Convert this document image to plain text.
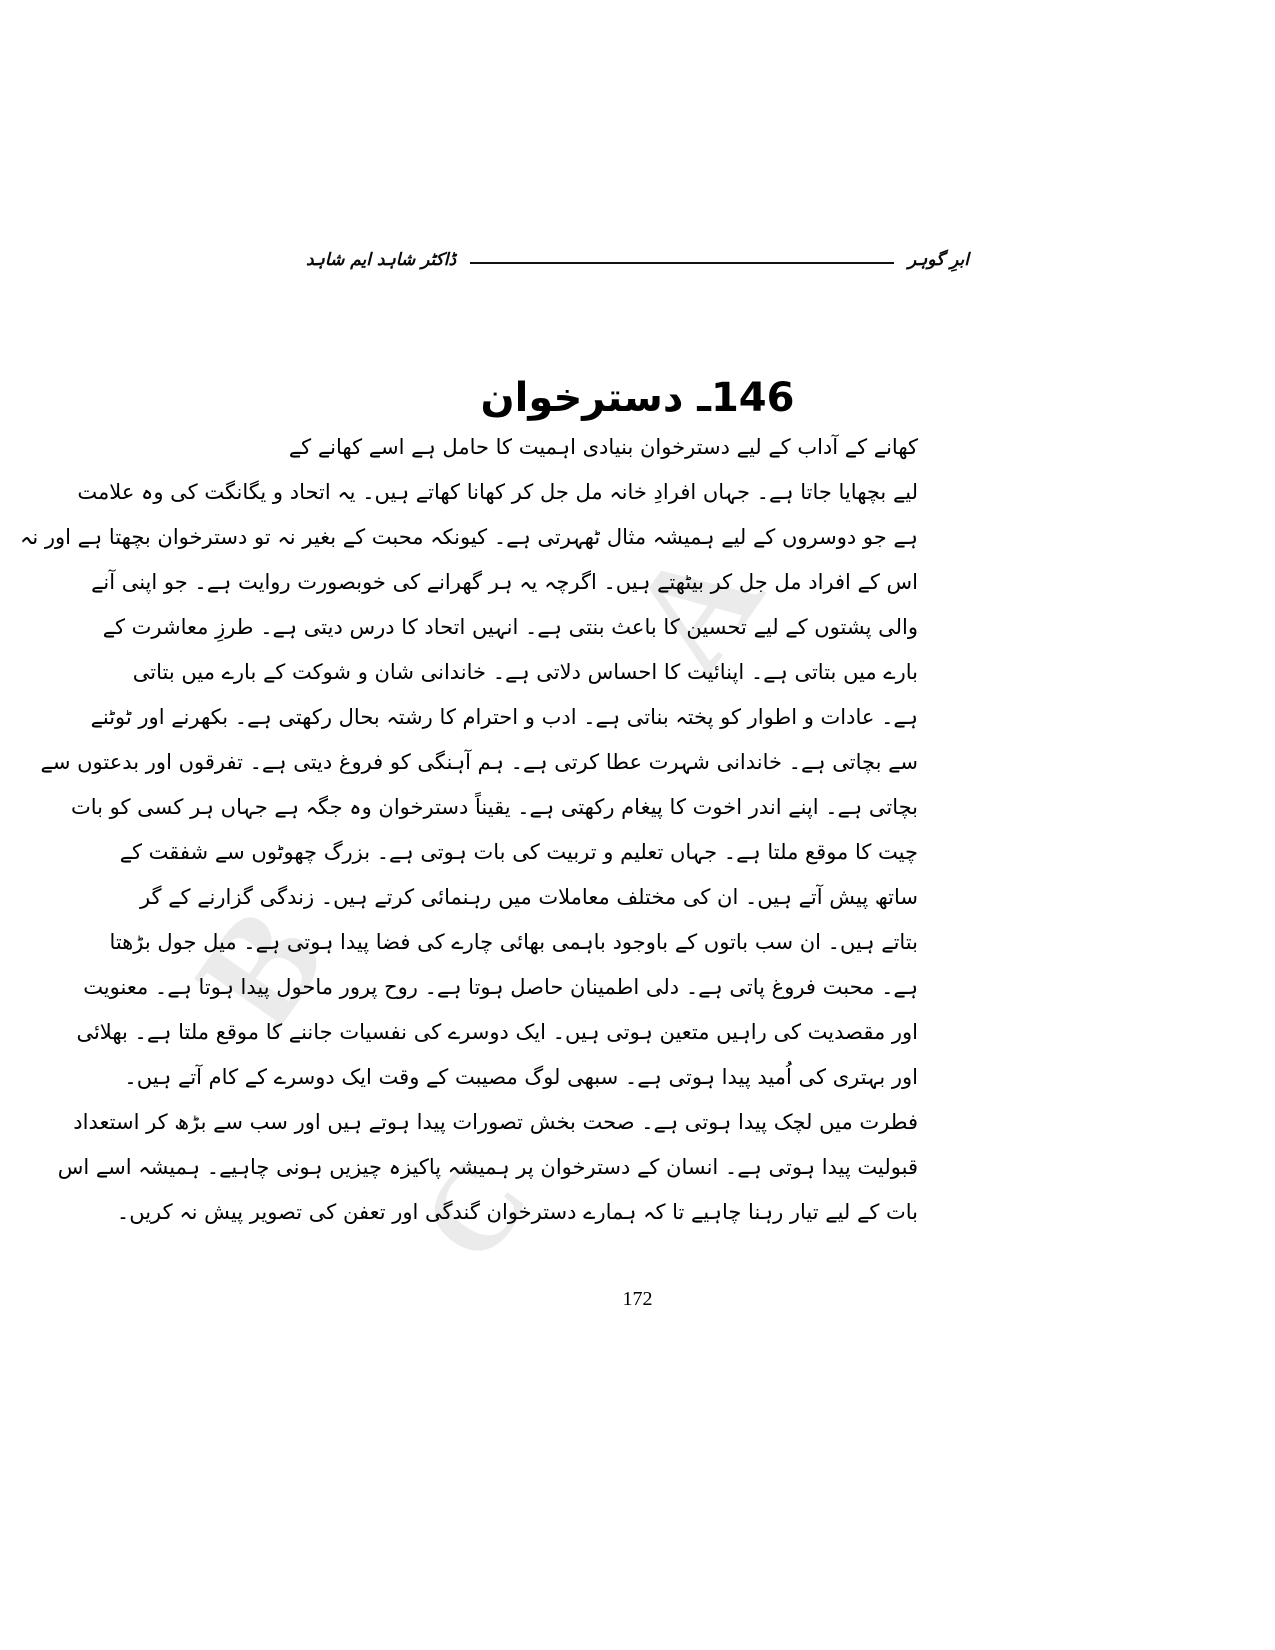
A
B
C
ابرِ گوہر
ڈاکٹر شاہد ایم شاہد
146ـ دسترخوان
کھانے کے آداب کے لیے دسترخوان بنیادی اہمیت کا حامل ہے اسے کھانے کے
لیے بچھایا جاتا ہے۔ جہاں افرادِ خانہ مل جل کر کھانا کھاتے ہیں۔ یہ اتحاد و یگانگت کی وہ علامت
ہے جو دوسروں کے لیے ہمیشہ مثال ٹھہرتی ہے۔ کیونکہ محبت کے بغیر نہ تو دسترخوان بچھتا ہے اور نہ
اس کے افراد مل جل کر بیٹھتے ہیں۔ اگرچہ یہ ہر گھرانے کی خوبصورت روایت ہے۔ جو اپنی آنے
والی پشتوں کے لیے تحسین کا باعث بنتی ہے۔ انہیں اتحاد کا درس دیتی ہے۔ طرزِ معاشرت کے
بارے میں بتاتی ہے۔ اپنائیت کا احساس دلاتی ہے۔ خاندانی شان و شوکت کے بارے میں بتاتی
ہے۔ عادات و اطوار کو پختہ بناتی ہے۔ ادب و احترام کا رشتہ بحال رکھتی ہے۔ بکھرنے اور ٹوٹنے
سے بچاتی ہے۔ خاندانی شہرت عطا کرتی ہے۔ ہم آہنگی کو فروغ دیتی ہے۔ تفرقوں اور بدعتوں سے
بچاتی ہے۔ اپنے اندر اخوت کا پیغام رکھتی ہے۔ یقیناً دسترخوان وہ جگہ ہے جہاں ہر کسی کو بات
چیت کا موقع ملتا ہے۔ جہاں تعلیم و تربیت کی بات ہوتی ہے۔ بزرگ چھوٹوں سے شفقت کے
ساتھ پیش آتے ہیں۔ ان کی مختلف معاملات میں رہنمائی کرتے ہیں۔ زندگی گزارنے کے گر
بتاتے ہیں۔ ان سب باتوں کے باوجود باہمی بھائی چارے کی فضا پیدا ہوتی ہے۔ میل جول بڑھتا
ہے۔ محبت فروغ پاتی ہے۔ دلی اطمینان حاصل ہوتا ہے۔ روح پرور ماحول پیدا ہوتا ہے۔ معنویت
اور مقصدیت کی راہیں متعین ہوتی ہیں۔ ایک دوسرے کی نفسیات جاننے کا موقع ملتا ہے۔ بھلائی
اور بہتری کی اُمید پیدا ہوتی ہے۔ سبھی لوگ مصیبت کے وقت ایک دوسرے کے کام آتے ہیں۔
فطرت میں لچک پیدا ہوتی ہے۔ صحت بخش تصورات پیدا ہوتے ہیں اور سب سے بڑھ کر استعداد
قبولیت پیدا ہوتی ہے۔ انسان کے دسترخوان پر ہمیشہ پاکیزہ چیزیں ہونی چاہیے۔ ہمیشہ اسے اس
بات کے لیے تیار رہنا چاہیے تا کہ ہمارے دسترخوان گندگی اور تعفن کی تصویر پیش نہ کریں۔
172
